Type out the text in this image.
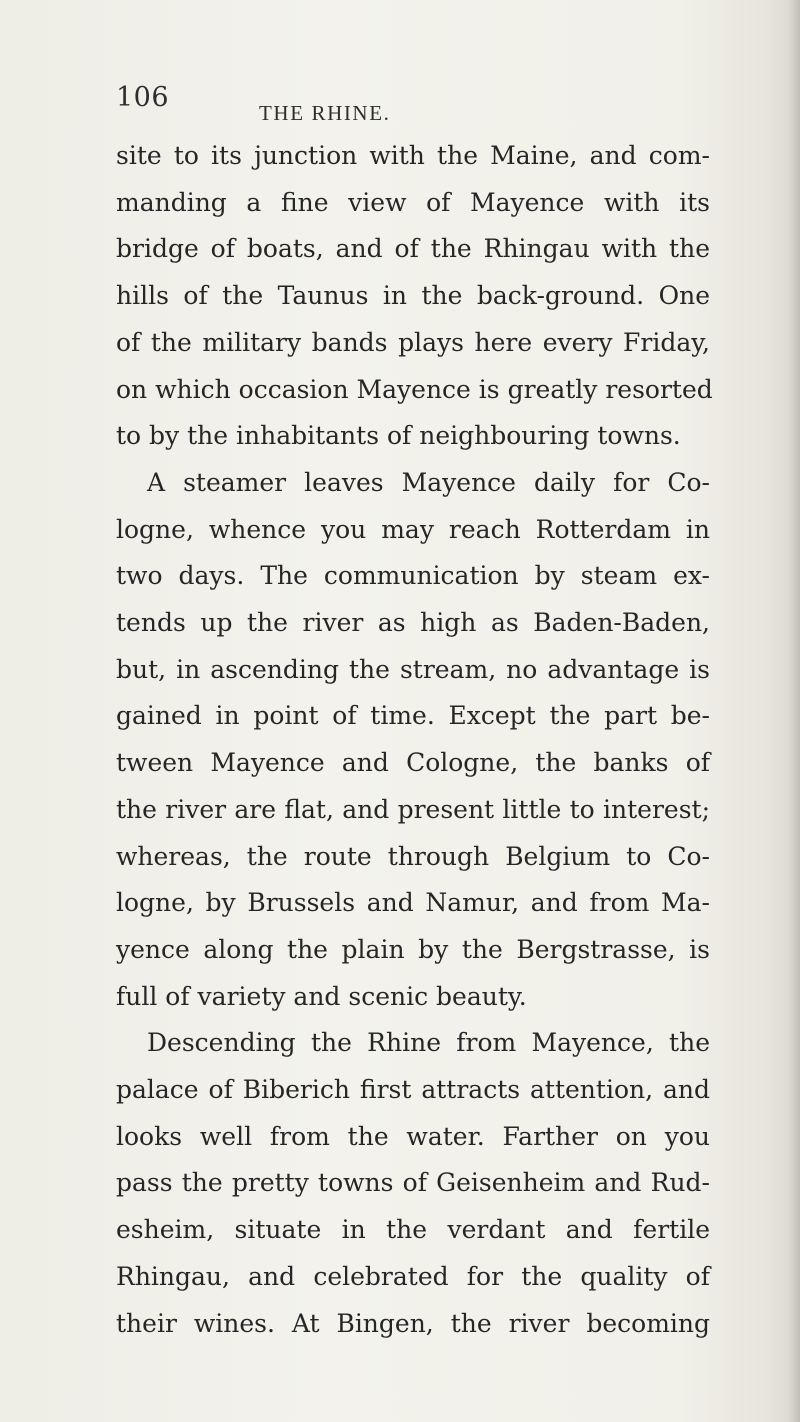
106	THE RHINE.
site to its junction with the Maine, and com-
manding a fine view of Mayence with its
bridge of boats, and of the Rhingau with the
hills of the Taunus in the back-ground. One
of the military bands plays here every Friday,
on which occasion Mayence is greatly resorted
to by the inhabitants of neighbouring towns.
A steamer leaves Mayence daily for Co-
logne, whence you may reach Rotterdam in
two days. The communication by steam ex-
tends up the river as high as Baden-Baden,
but, in ascending the stream, no advantage is
gained in point of time. Except the part be-
tween Mayence and Cologne, the banks of
the river are flat, and present little to interest;
whereas, the route through Belgium to Co-
logne, by Brussels and Namur, and from Ma-
yence along the plain by the Bergstrasse, is
full of variety and scenic beauty.
Descending the Rhine from Mayence, the
palace of Biberich first attracts attention, and
looks well from the water. Farther on you
pass the pretty towns of Geisenheim and Rud-
esheim, situate in the verdant and fertile
Rhingau, and celebrated for the quality of
their wines. At Bingen, the river becoming
